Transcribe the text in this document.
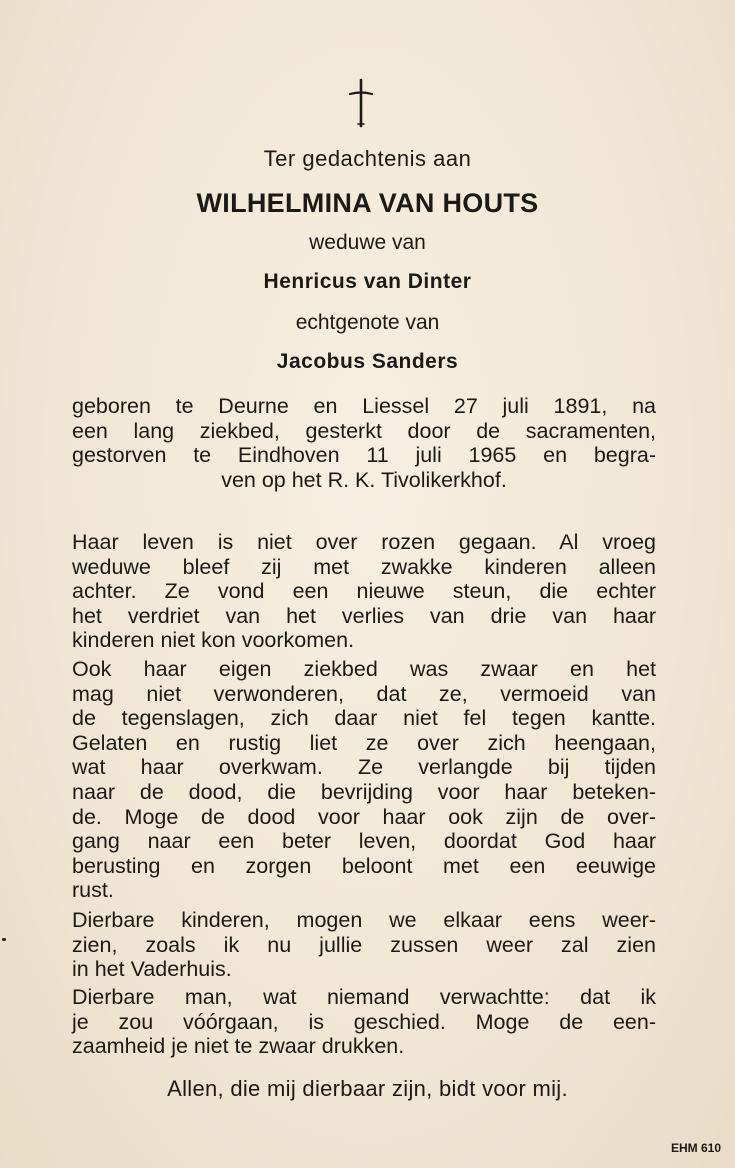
Ter gedachtenis aan

WILHELMINA VAN HOUTS

weduwe van

Henricus van Dinter

echtgenote van

Jacobus Sanders

geboren te Deurne en Liessel 27 juli 1891, na
een lang ziekbed, gesterkt door de sacramenten,
gestorven te Eindhoven 11 juli 1965 en begra-
ven op het R. K. Tivolikerkhof.
Haar leven is niet over rozen gegaan. Al vroeg
weduwe bleef zij met zwakke kinderen alleen
achter. Ze vond een nieuwe steun, die echter
het verdriet van het verlies van drie van haar
kinderen niet kon voorkomen.
Ook haar eigen ziekbed was zwaar en het
mag niet verwonderen, dat ze, vermoeid van
de tegenslagen, zich daar niet fel tegen kantte.
Gelaten en rustig liet ze over zich heengaan,
wat haar overkwam. Ze verlangde bij tijden
naar de dood, die bevrijding voor haar beteken-
de. Moge de dood voor haar ook zijn de over-
gang naar een beter leven, doordat God haar
berusting en zorgen beloont met een eeuwige
rust.
Dierbare kinderen, mogen we elkaar eens weer-
zien, zoals ik nu jullie zussen weer zal zien
in het Vaderhuis.
Dierbare man, wat niemand verwachtte: dat ik
je zou vóórgaan, is geschied. Moge de een-
zaamheid je niet te zwaar drukken.

Allen, die mij dierbaar zijn, bidt voor mij.

EHM 610
